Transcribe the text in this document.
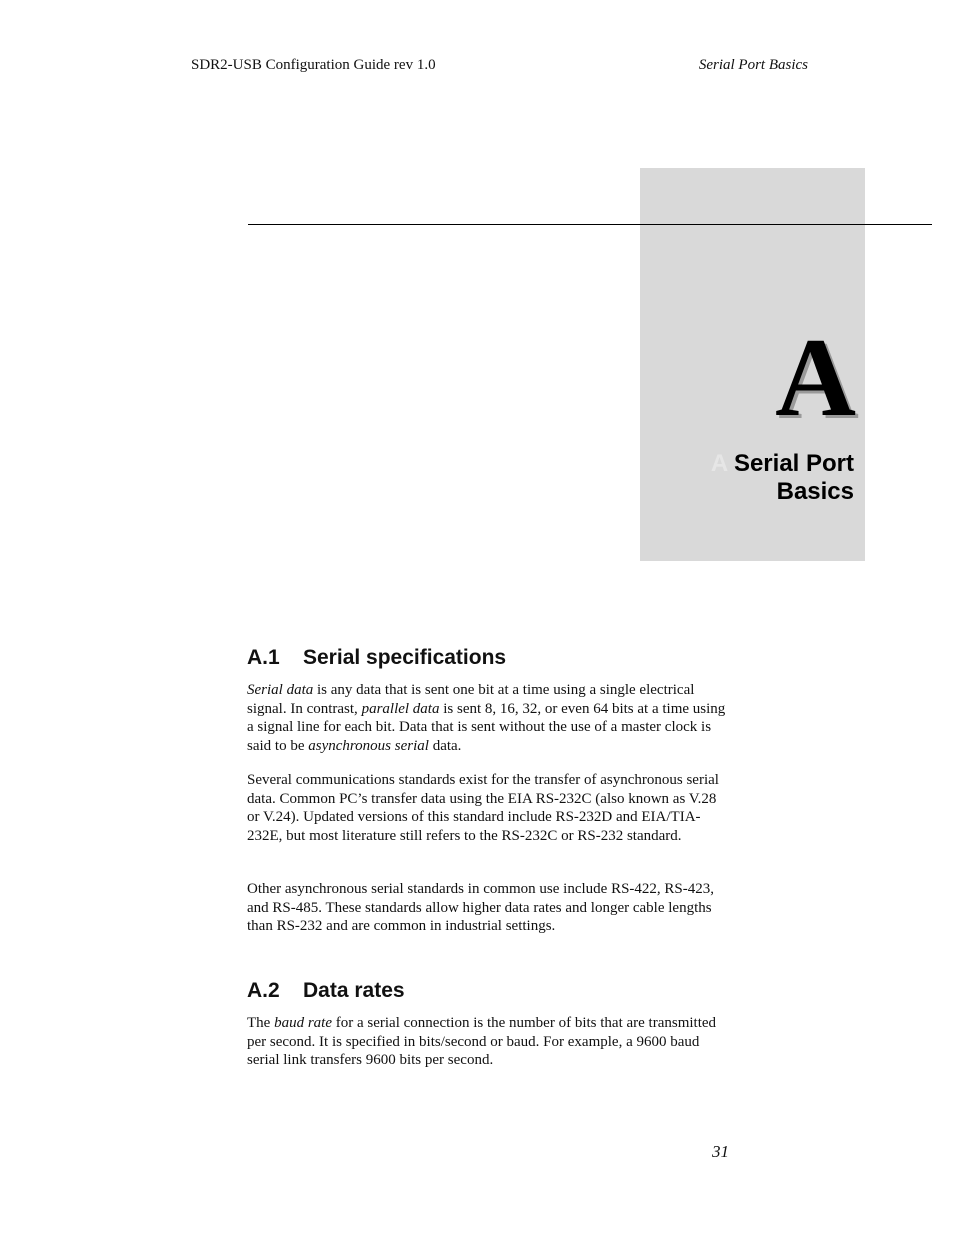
SDR2-USB Configuration Guide rev 1.0	Serial Port Basics
A
A Serial Port
Basics
A.1 Serial specifications

Serial data is any data that is sent one bit at a time using a single electrical signal. In contrast, parallel data is sent 8, 16, 32, or even 64 bits at a time using a signal line for each bit. Data that is sent without the use of a master clock is said to be asynchronous serial data.

Several communications standards exist for the transfer of asynchronous serial data. Common PC’s transfer data using the EIA RS-232C (also known as V.28 or V.24). Updated versions of this standard include RS-232D and EIA/TIA-232E, but most literature still refers to the RS-232C or RS-232 standard.

Other asynchronous serial standards in common use include RS-422, RS-423, and RS-485. These standards allow higher data rates and longer cable lengths than RS-232 and are common in industrial settings.

A.2 Data rates

The baud rate for a serial connection is the number of bits that are transmitted per second. It is specified in bits/second or baud. For example, a 9600 baud serial link transfers 9600 bits per second.

31
